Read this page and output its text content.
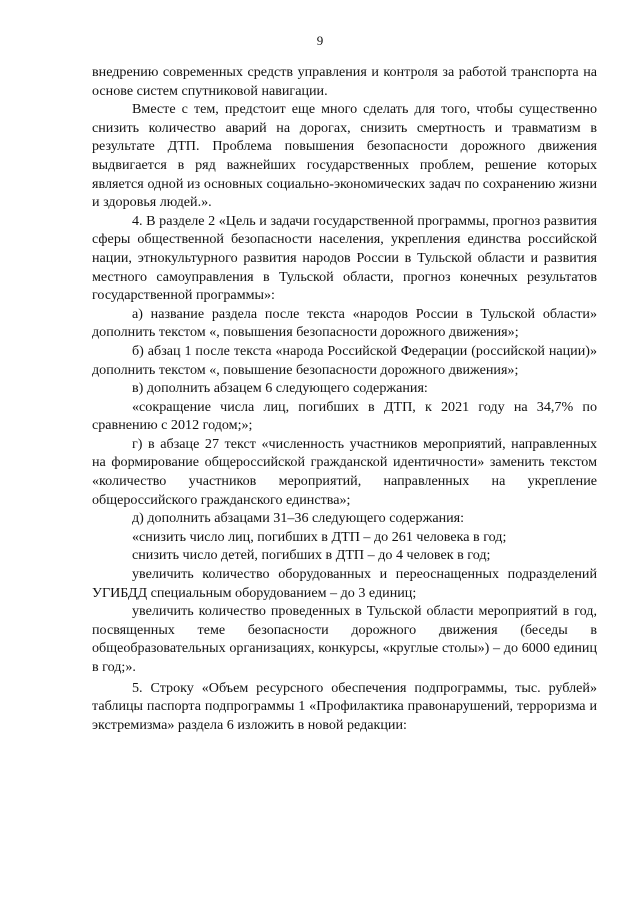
9

внедрению современных средств управления и контроля за работой транспорта на основе систем спутниковой навигации.

Вместе с тем, предстоит еще много сделать для того, чтобы существенно снизить количество аварий на дорогах, снизить смертность и травматизм в результате ДТП. Проблема повышения безопасности дорожного движения выдвигается в ряд важнейших государственных проблем, решение которых является одной из основных социально-экономических задач по сохранению жизни и здоровья людей.».

4. В разделе 2 «Цель и задачи государственной программы, прогноз развития сферы общественной безопасности населения, укрепления единства российской нации, этнокультурного развития народов России в Тульской области и развития местного самоуправления в Тульской области, прогноз конечных результатов государственной программы»:

а) название раздела после текста «народов России в Тульской области» дополнить текстом «, повышения безопасности дорожного движения»;

б) абзац 1 после текста «народа Российской Федерации (российской нации)» дополнить текстом «, повышение безопасности дорожного движения»;

в) дополнить абзацем 6 следующего содержания:

«сокращение числа лиц, погибших в ДТП, к 2021 году на 34,7% по сравнению с 2012 годом;»;

г) в абзаце 27 текст «численность участников мероприятий, направленных на формирование общероссийской гражданской идентичности» заменить текстом «количество участников мероприятий, направленных на укрепление общероссийского гражданского единства»;

д) дополнить абзацами 31–36 следующего содержания:

«снизить число лиц, погибших в ДТП – до 261 человека в год;

снизить число детей, погибших в ДТП – до 4 человек в год;

увеличить количество оборудованных и переоснащенных подразделений УГИБДД специальным оборудованием – до 3 единиц;

увеличить количество проведенных в Тульской области мероприятий в год, посвященных теме безопасности дорожного движения (беседы в общеобразовательных организациях, конкурсы, «круглые столы») – до 6000 единиц в год;».

5. Строку «Объем ресурсного обеспечения подпрограммы, тыс. рублей» таблицы паспорта подпрограммы 1 «Профилактика правонарушений, терроризма и экстремизма» раздела 6 изложить в новой редакции:
